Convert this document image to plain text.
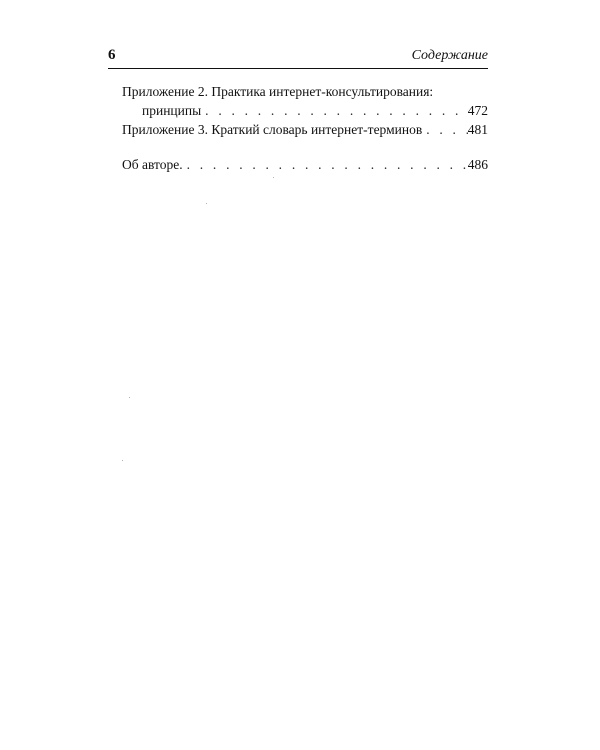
6	Содержание
Приложение 2. Практика интернет-консультирования:
принципы . . .	472
Приложение 3. Краткий словарь интернет-терминов . . .	481
Об авторе. . . .	486
